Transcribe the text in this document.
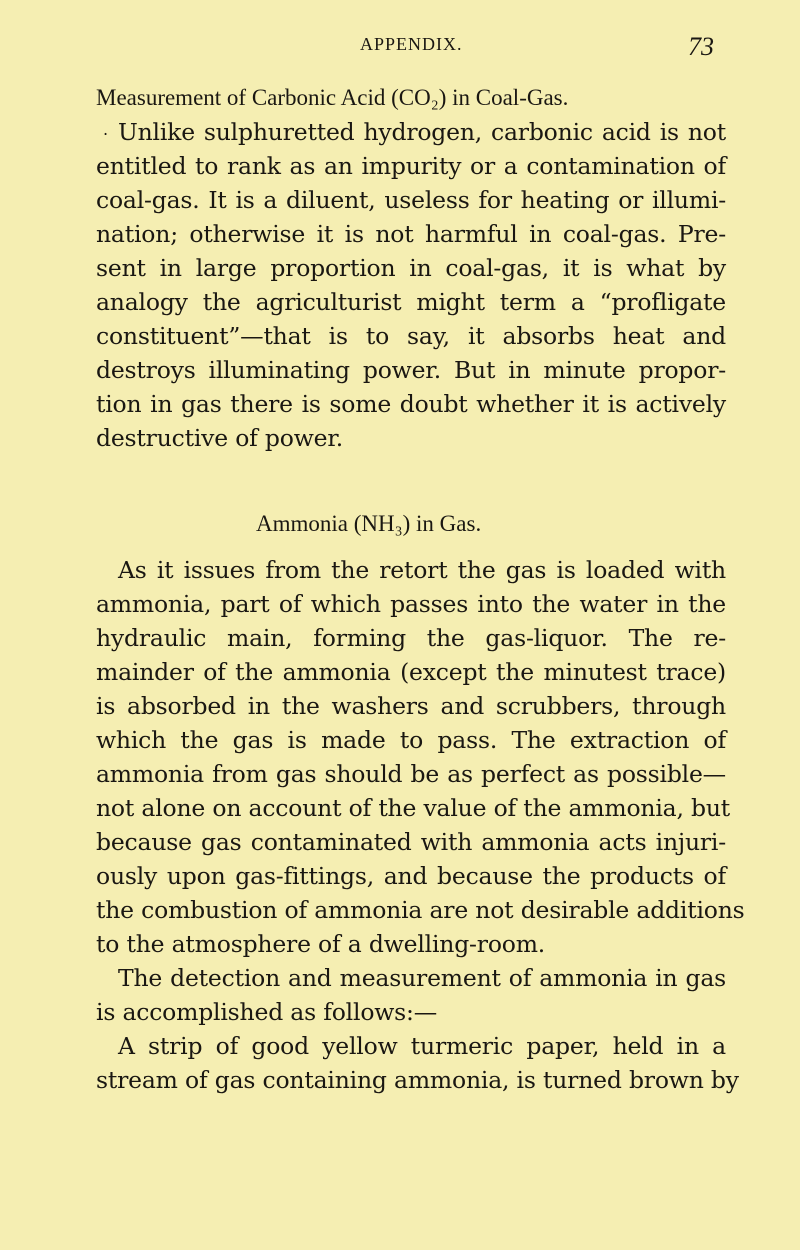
APPENDIX.	73
Measurement of Carbonic Acid (CO₂) in Coal-Gas.
. Unlike sulphuretted hydrogen, carbonic acid is not
entitled to rank as an impurity or a contamination of
coal-gas. It is a diluent, useless for heating or illumi-
nation; otherwise it is not harmful in coal-gas. Pre-
sent in large proportion in coal-gas, it is what by
analogy the agriculturist might term a “profligate
constituent”—that is to say, it absorbs heat and
destroys illuminating power. But in minute propor-
tion in gas there is some doubt whether it is actively
destructive of power.
Ammonia (NH₃) in Gas.
As it issues from the retort the gas is loaded with
ammonia, part of which passes into the water in the
hydraulic main, forming the gas-liquor. The re-
mainder of the ammonia (except the minutest trace)
is absorbed in the washers and scrubbers, through
which the gas is made to pass. The extraction of
ammonia from gas should be as perfect as possible—
not alone on account of the value of the ammonia, but
because gas contaminated with ammonia acts injuri-
ously upon gas-fittings, and because the products of
the combustion of ammonia are not desirable additions
to the atmosphere of a dwelling-room.
The detection and measurement of ammonia in gas
is accomplished as follows:—
A strip of good yellow turmeric paper, held in a
stream of gas containing ammonia, is turned brown by
